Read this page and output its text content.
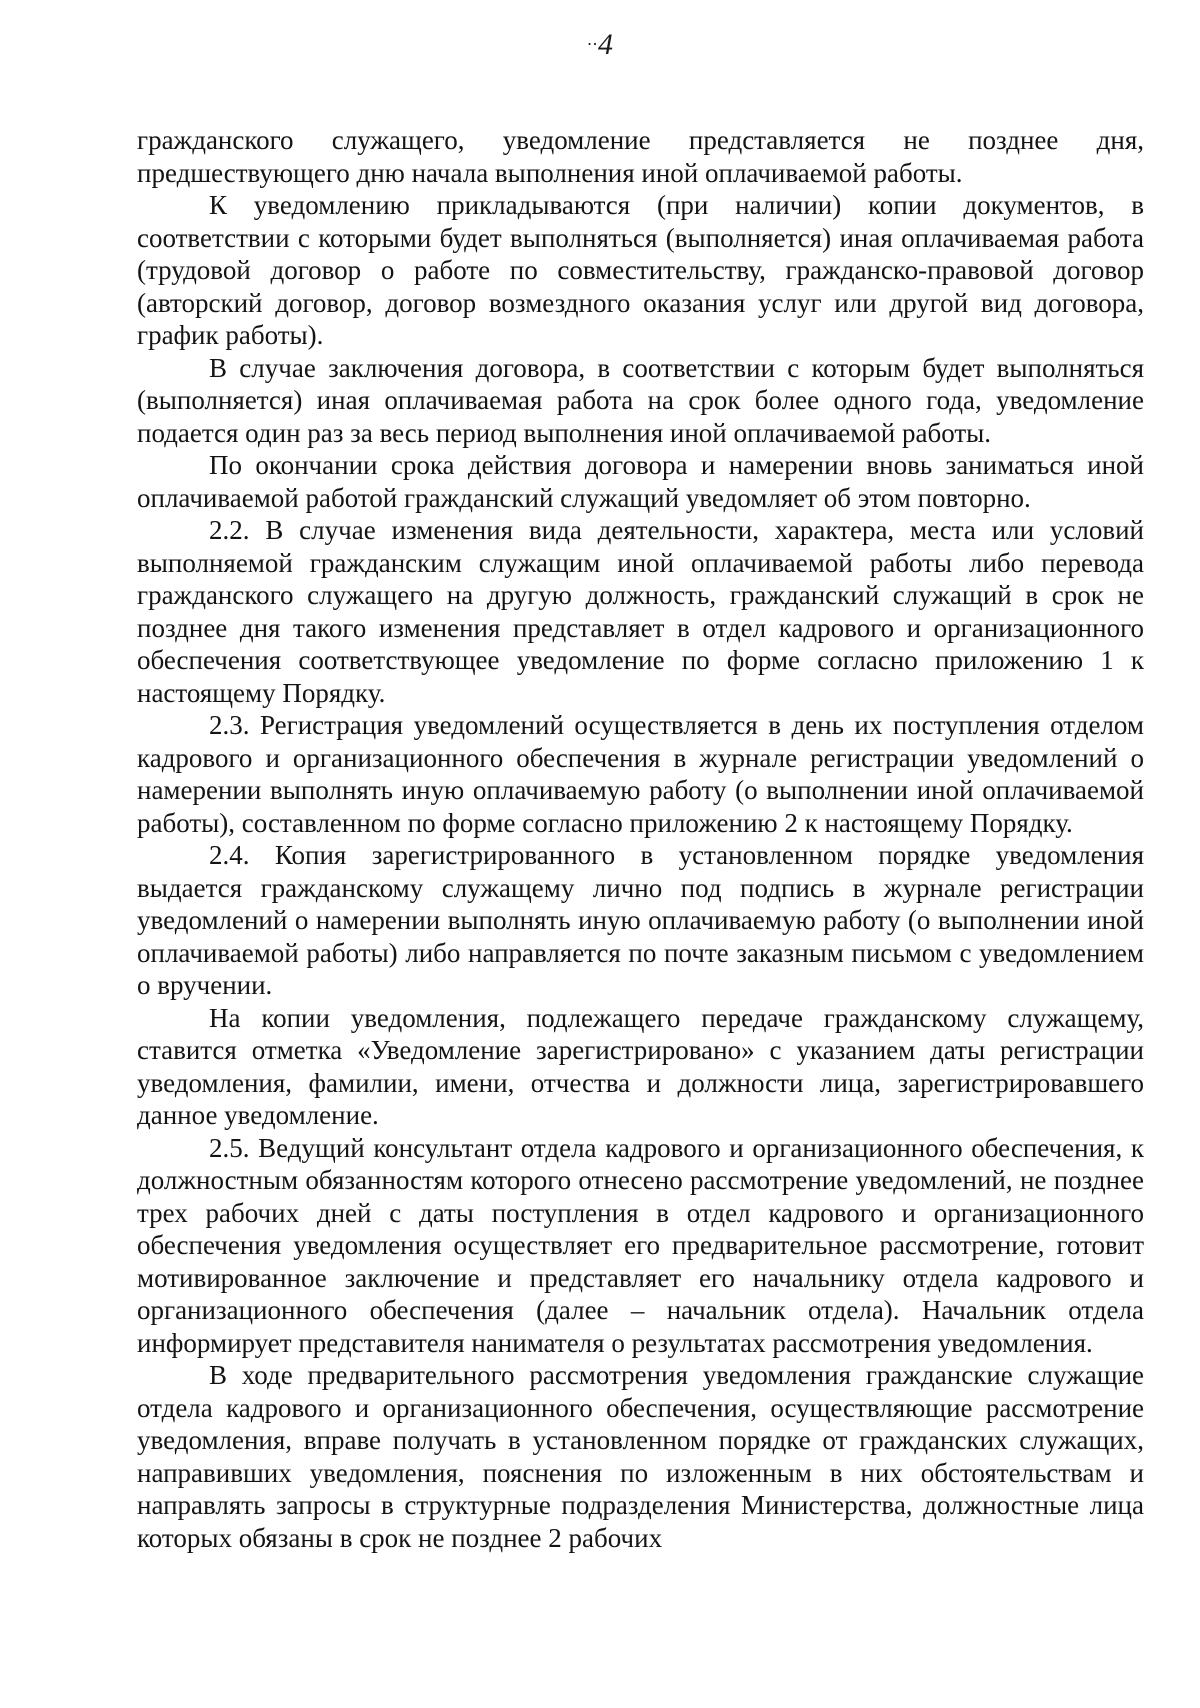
··4

гражданского служащего, уведомление представляется не позднее дня, предшествующего дню начала выполнения иной оплачиваемой работы.

К уведомлению прикладываются (при наличии) копии документов, в соответствии с которыми будет выполняться (выполняется) иная оплачиваемая работа (трудовой договор о работе по совместительству, гражданско-правовой договор (авторский договор, договор возмездного оказания услуг или другой вид договора, график работы).

В случае заключения договора, в соответствии с которым будет выполняться (выполняется) иная оплачиваемая работа на срок более одного года, уведомление подается один раз за весь период выполнения иной оплачиваемой работы.

По окончании срока действия договора и намерении вновь заниматься иной оплачиваемой работой гражданский служащий уведомляет об этом повторно.

2.2. В случае изменения вида деятельности, характера, места или условий выполняемой гражданским служащим иной оплачиваемой работы либо перевода гражданского служащего на другую должность, гражданский служащий в срок не позднее дня такого изменения представляет в отдел кадрового и организационного обеспечения соответствующее уведомление по форме согласно приложению 1 к настоящему Порядку.

2.3. Регистрация уведомлений осуществляется в день их поступления отделом кадрового и организационного обеспечения в журнале регистрации уведомлений о намерении выполнять иную оплачиваемую работу (о выполнении иной оплачиваемой работы), составленном по форме согласно приложению 2 к настоящему Порядку.

2.4. Копия зарегистрированного в установленном порядке уведомления выдается гражданскому служащему лично под подпись в журнале регистрации уведомлений о намерении выполнять иную оплачиваемую работу (о выполнении иной оплачиваемой работы) либо направляется по почте заказным письмом с уведомлением о вручении.

На копии уведомления, подлежащего передаче гражданскому служащему, ставится отметка «Уведомление зарегистрировано» с указанием даты регистрации уведомления, фамилии, имени, отчества и должности лица, зарегистрировавшего данное уведомление.

2.5. Ведущий консультант отдела кадрового и организационного обеспечения, к должностным обязанностям которого отнесено рассмотрение уведомлений, не позднее трех рабочих дней с даты поступления в отдел кадрового и организационного обеспечения уведомления осуществляет его предварительное рассмотрение, готовит мотивированное заключение и представляет его начальнику отдела кадрового и организационного обеспечения (далее – начальник отдела). Начальник отдела информирует представителя нанимателя о результатах рассмотрения уведомления.

В ходе предварительного рассмотрения уведомления гражданские служащие отдела кадрового и организационного обеспечения, осуществляющие рассмотрение уведомления, вправе получать в установленном порядке от гражданских служащих, направивших уведомления, пояснения по изложенным в них обстоятельствам и направлять запросы в структурные подразделения Министерства, должностные лица которых обязаны в срок не позднее 2 рабочих
